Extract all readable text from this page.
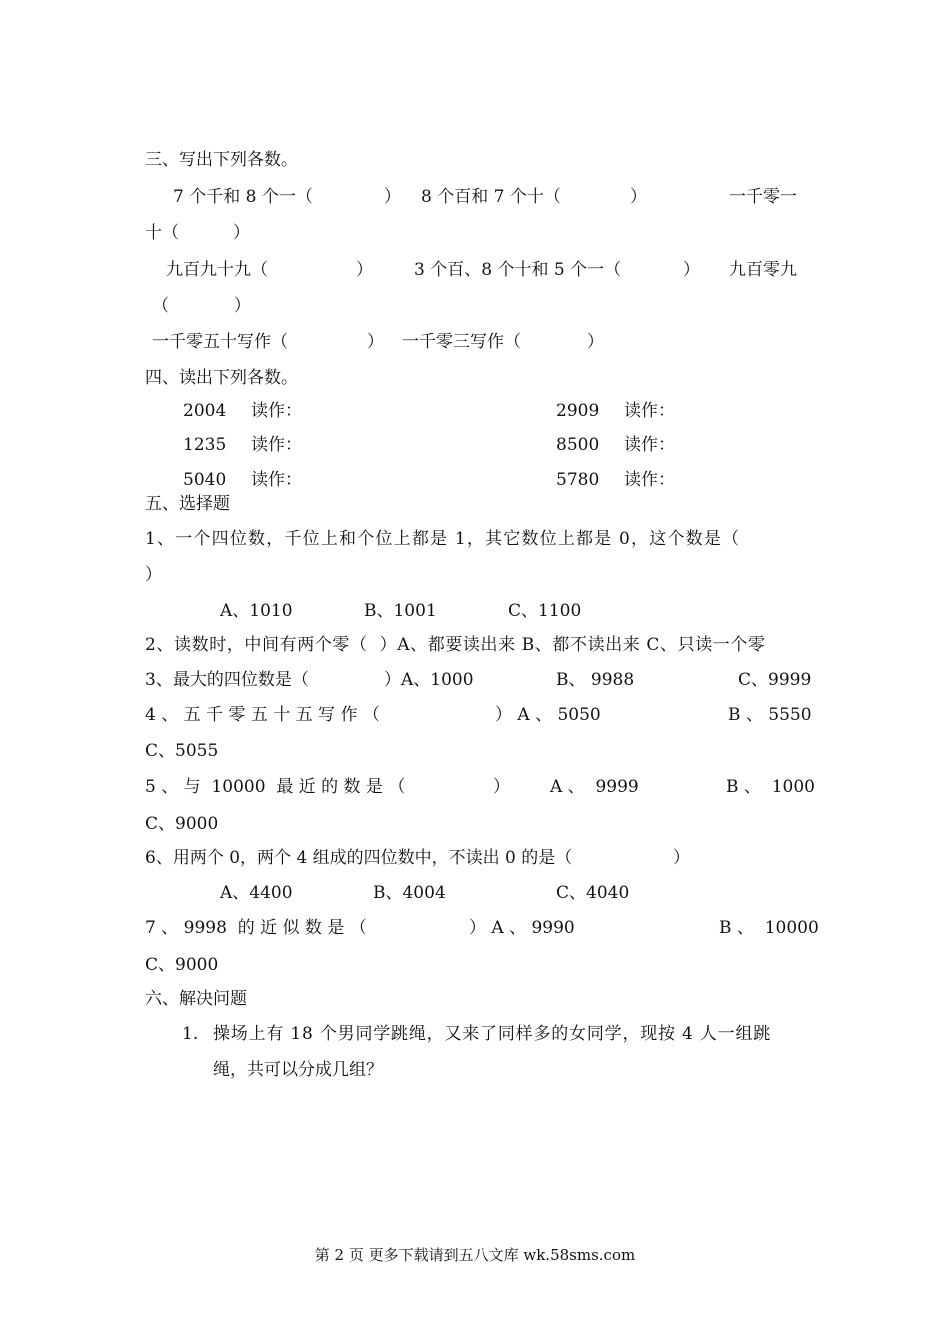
三、写出下列各数。
7 个千和 8 个一（	） 8 个百和 7 个十（	）	一千零一
十（          ）
九百九十九（	） 3 个百、8 个十和 5 个一（	） 九百零九
（            ）
一千零五十写作（	） 一千零三写作（	）
四、读出下列各数。
2004 读作：	2909 读作：
1235 读作：	8500 读作：
5040 读作：	5780 读作：
五、选择题
1、一个四位数，千位上和个位上都是 1，其它数位上都是 0，这个数是（
）
A、1010	B、1001	C、1100
2、读数时，中间有两个零（  ）A、都要读出来 B、都不读出来 C、只读一个零
3、最大的四位数是（	）A、1000	B、 9988	C、9999
4 、 五 千 零 五 十 五 写 作 （	） A 、 5050	B 、 5550
C、5055
5 、 与  10000  最 近 的 数 是 （	） A 、  9999	B 、  1000
C、9000
6、用两个 0，两个 4 组成的四位数中，不读出 0 的是（	）
A、4400	B、4004	C、4040
7 、 9998  的 近 似 数 是 （	） A 、 9990	B 、  10000
C、9000
六、解决问题
1. 操场上有 18 个男同学跳绳，又来了同样多的女同学，现按 4 人一组跳
绳，共可以分成几组？
第 2 页 更多下载请到五八文库 wk.58sms.com
